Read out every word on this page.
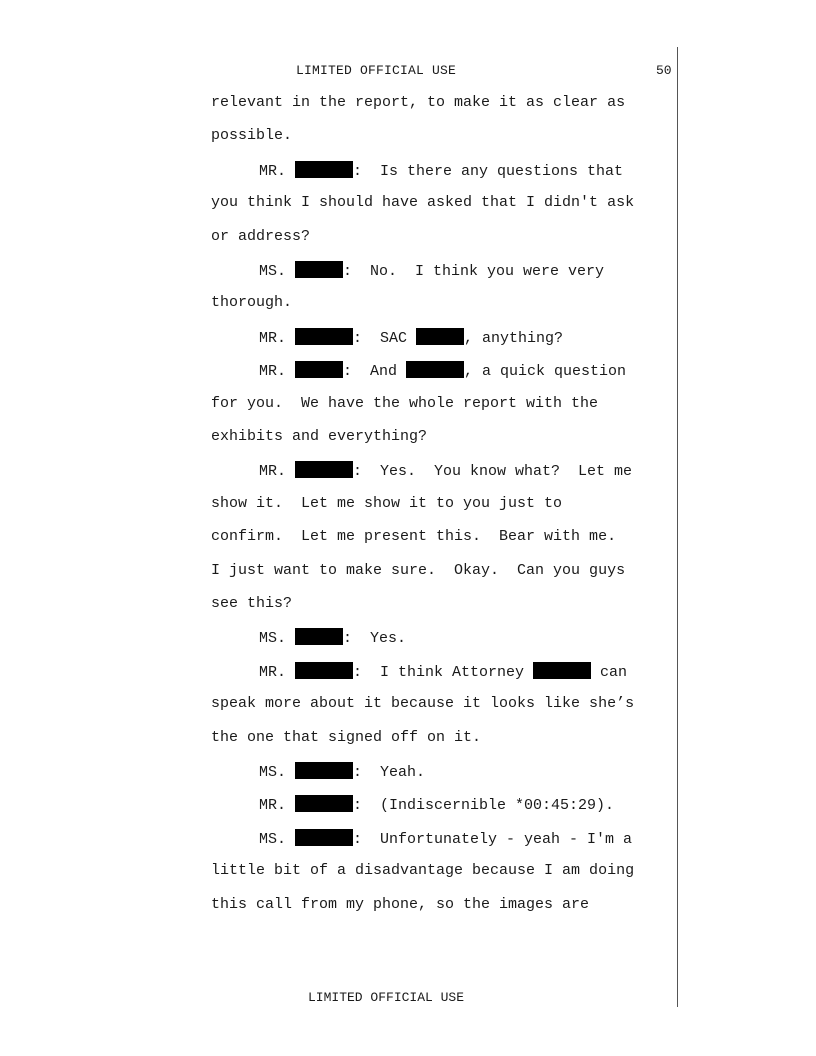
LIMITED OFFICIAL USE	50
relevant in the report, to make it as clear as
possible.
MR.	:  Is there any questions that
you think I should have asked that I didn't ask
or address?
MS.	:  No.  I think you were very
thorough.
MR.	:  SAC	, anything?
MR.	:  And	, a quick question
for you.  We have the whole report with the
exhibits and everything?
MR.	:  Yes.  You know what?  Let me
show it.  Let me show it to you just to
confirm.  Let me present this.  Bear with me.
I just want to make sure.  Okay.  Can you guys
see this?
MS.	:  Yes.
MR.	:  I think Attorney	can
speak more about it because it looks like she’s
the one that signed off on it.
MS.	:  Yeah.
MR.	:  (Indiscernible *00:45:29).
MS.	:  Unfortunately - yeah - I'm a
little bit of a disadvantage because I am doing
this call from my phone, so the images are
LIMITED OFFICIAL USE
